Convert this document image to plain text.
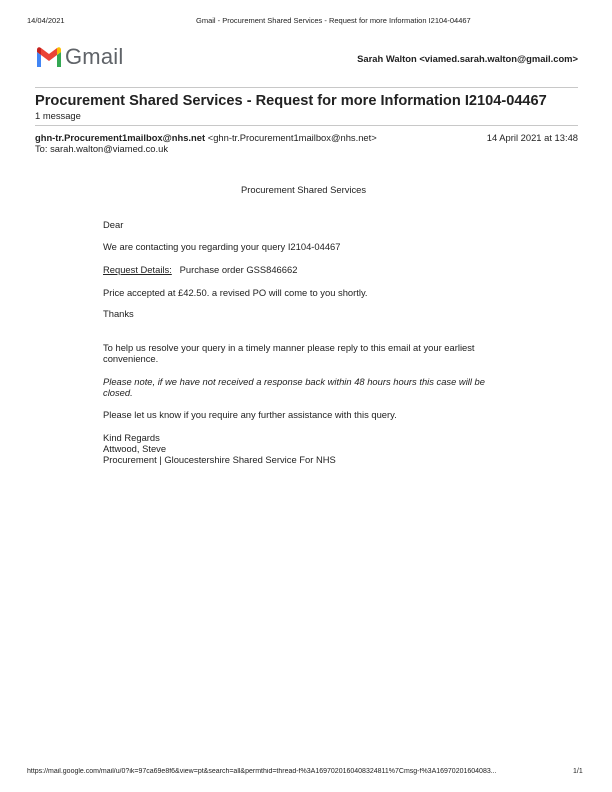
14/04/2021	Gmail - Procurement Shared Services - Request for more Information I2104-04467
Gmail	Sarah Walton <viamed.sarah.walton@gmail.com>
Procurement Shared Services - Request for more Information I2104-04467
1 message
ghn-tr.Procurement1mailbox@nhs.net <ghn-tr.Procurement1mailbox@nhs.net>	14 April 2021 at 13:48
To: sarah.walton@viamed.co.uk
Procurement Shared Services
Dear
We are contacting you regarding your query I2104-04467
Request Details: Purchase order GSS846662
Price accepted at £42.50. a revised PO will come to you shortly.
Thanks
To help us resolve your query in a timely manner please reply to this email at your earliest
convenience.
Please note, if we have not received a response back within 48 hours hours this case will be
closed.
Please let us know if you require any further assistance with this query.
Kind Regards
Attwood, Steve
Procurement | Gloucestershire Shared Service For NHS
https://mail.google.com/mail/u/0?ik=97ca69e8f6&view=pt&search=all&permthid=thread-f%3A1697020160408324811%7Cmsg-f%3A16970201604083...	1/1
